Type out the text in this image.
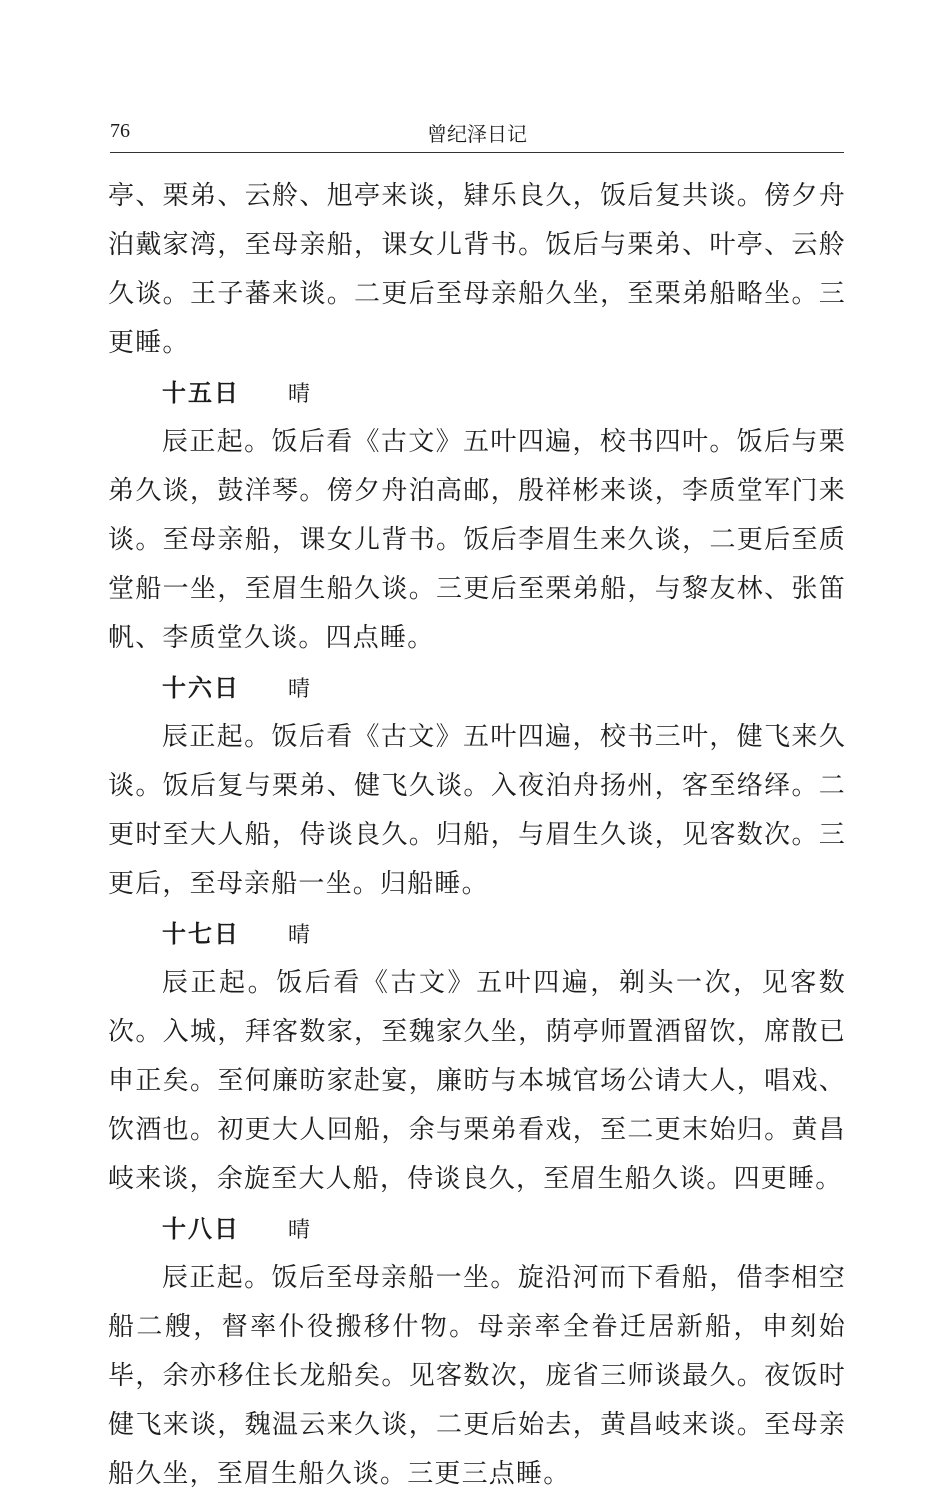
76	曾纪泽日记

亭、栗弟、云舲、旭亭来谈，肄乐良久，饭后复共谈。傍夕舟泊戴家湾，至母亲船，课女儿背书。饭后与栗弟、叶亭、云舲久谈。王子蕃来谈。二更后至母亲船久坐，至栗弟船略坐。三更睡。

十五日 晴

辰正起。饭后看《古文》五叶四遍，校书四叶。饭后与栗弟久谈，鼓洋琴。傍夕舟泊高邮，殷祥彬来谈，李质堂军门来谈。至母亲船，课女儿背书。饭后李眉生来久谈，二更后至质堂船一坐，至眉生船久谈。三更后至栗弟船，与黎友林、张笛帆、李质堂久谈。四点睡。

十六日 晴

辰正起。饭后看《古文》五叶四遍，校书三叶，健飞来久谈。饭后复与栗弟、健飞久谈。入夜泊舟扬州，客至络绎。二更时至大人船，侍谈良久。归船，与眉生久谈，见客数次。三更后，至母亲船一坐。归船睡。

十七日 晴

辰正起。饭后看《古文》五叶四遍，剃头一次，见客数次。入城，拜客数家，至魏家久坐，荫亭师置酒留饮，席散已申正矣。至何廉昉家赴宴，廉昉与本城官场公请大人，唱戏、饮酒也。初更大人回船，余与栗弟看戏，至二更末始归。黄昌岐来谈，余旋至大人船，侍谈良久，至眉生船久谈。四更睡。

十八日 晴

辰正起。饭后至母亲船一坐。旋沿河而下看船，借李相空船二艘，督率仆役搬移什物。母亲率全眷迁居新船，申刻始毕，余亦移住长龙船矣。见客数次，庞省三师谈最久。夜饭时健飞来谈，魏温云来久谈，二更后始去，黄昌岐来谈。至母亲船久坐，至眉生船久谈。三更三点睡。
